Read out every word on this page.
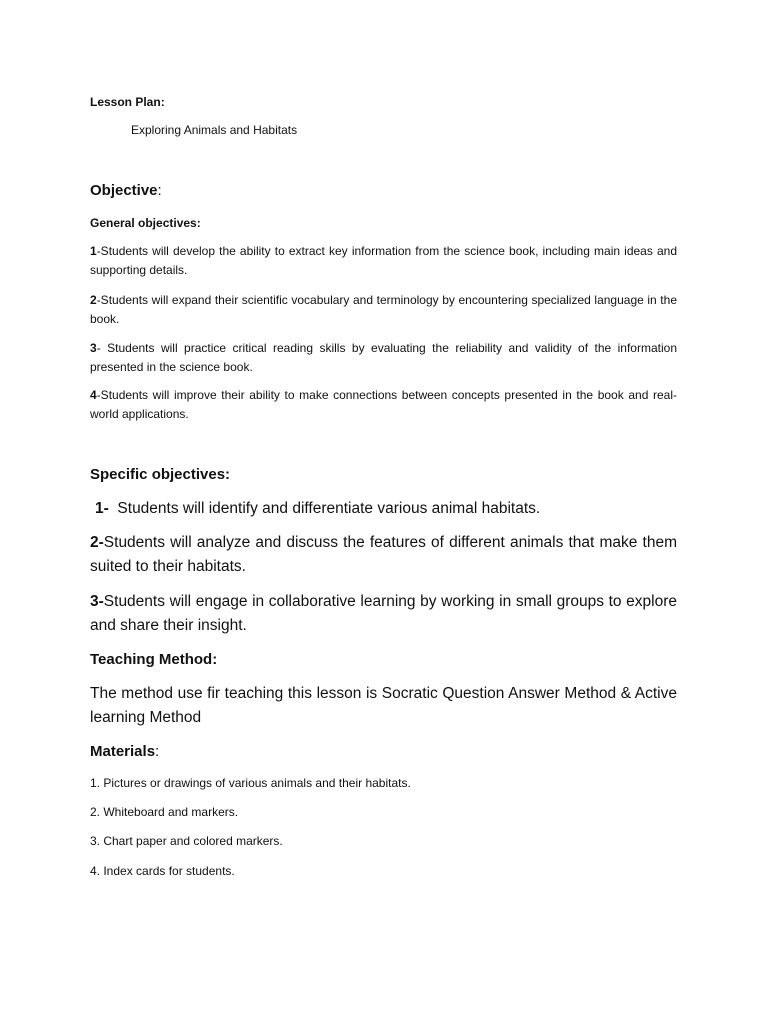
Lesson Plan:

Exploring Animals and Habitats

Objective:

General objectives:

1-Students will develop the ability to extract key information from the science book, including main ideas and supporting details.

2-Students will expand their scientific vocabulary and terminology by encountering specialized language in the book.

3- Students will practice critical reading skills by evaluating the reliability and validity of the information presented in the science book.

4-Students will improve their ability to make connections between concepts presented in the book and real-world applications.

Specific objectives:

1- Students will identify and differentiate various animal habitats.

2-Students will analyze and discuss the features of different animals that make them suited to their habitats.

3-Students will engage in collaborative learning by working in small groups to explore and share their insight.

Teaching Method:

The method use fir teaching this lesson is Socratic Question Answer Method & Active learning Method

Materials:

1. Pictures or drawings of various animals and their habitats.

2. Whiteboard and markers.

3. Chart paper and colored markers.

4. Index cards for students.
